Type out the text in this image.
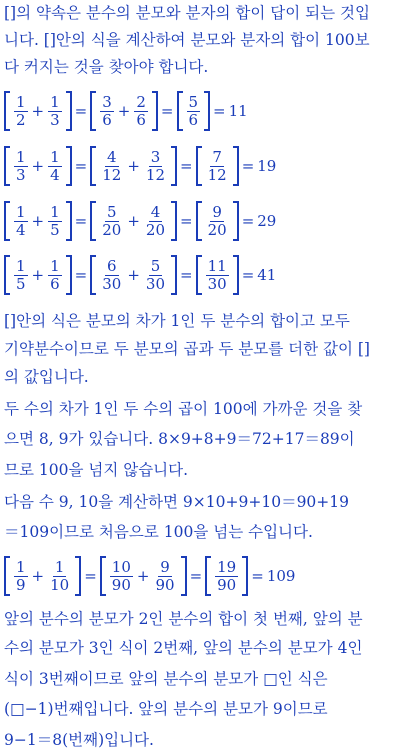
[]의 약속은 분수의 분모와 분자의 합이 답이 되는 것입
니다. []안의 식을 계산하여 분모와 분자의 합이 100보
다 커지는 것을 찾아야 합니다.
$\frac{1}{2} + \frac{1}{3} = \frac{3}{6} + \frac{2}{6} = \frac{5}{6} = 11$
$\frac{1}{3} + \frac{1}{4} = \frac{4}{12} + \frac{3}{12} = \frac{7}{12} = 19$
$\frac{1}{4} + \frac{1}{5} = \frac{5}{20} + \frac{4}{20} = \frac{9}{20} = 29$
$\frac{1}{5} + \frac{1}{6} = \frac{6}{30} + \frac{5}{30} = \frac{11}{30} = 41$
[]안의 식은 분모의 차가 1인 두 분수의 합이고 모두
기약분수이므로 두 분모의 곱과 두 분모를 더한 값이 []
의 값입니다.
두 수의 차가 1인 두 수의 곱이 100에 가까운 것을 찾
으면 8, 9가 있습니다. 8×9+8+9＝72+17＝89이
므로 100을 넘지 않습니다.
다음 수 9, 10을 계산하면 9×10+9+10＝90+19
＝109이므로 처음으로 100을 넘는 수입니다.
$\frac{1}{9} + \frac{1}{10} = \frac{10}{90} + \frac{9}{90} = \frac{19}{90} = 109$
앞의 분수의 분모가 2인 분수의 합이 첫 번째, 앞의 분
수의 분모가 3인 식이 2번째, 앞의 분수의 분모가 4인
식이 3번째이므로 앞의 분수의 분모가 □인 식은
(□−1)번째입니다. 앞의 분수의 분모가 9이므로
9−1＝8(번째)입니다.
